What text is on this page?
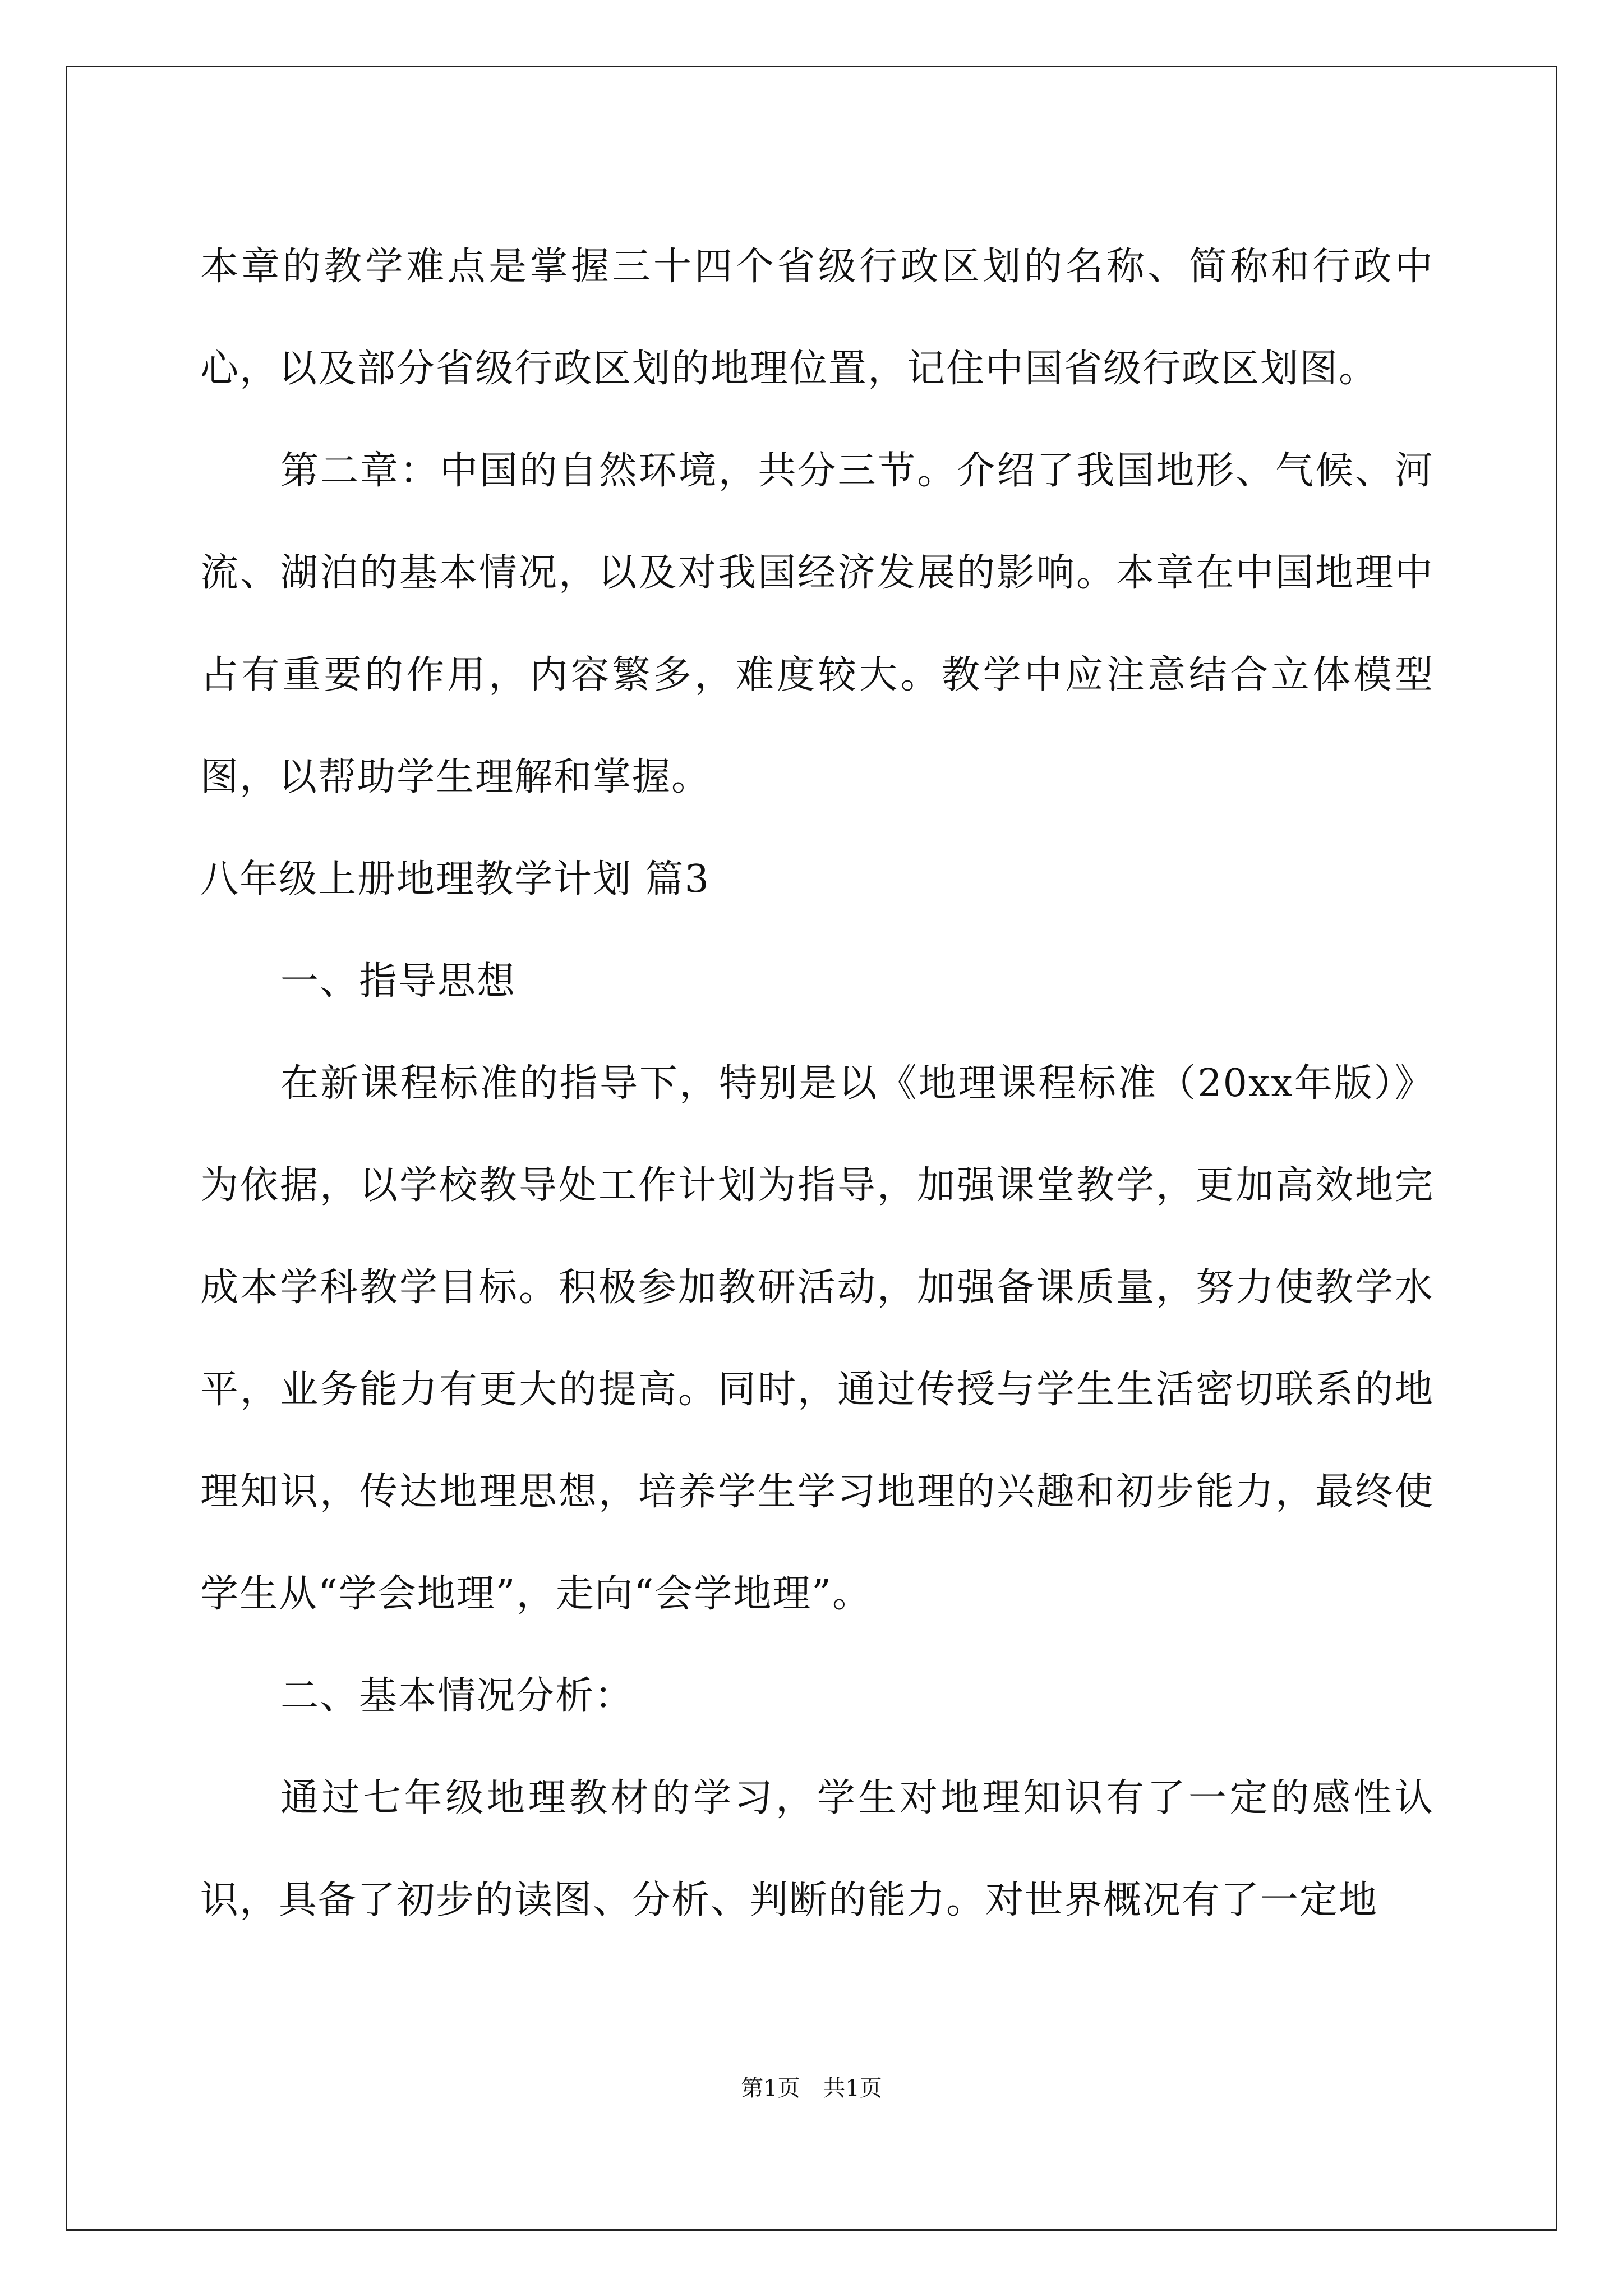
本章的教学难点是掌握三十四个省级行政区划的名称、简称和行政中心，以及部分省级行政区划的地理位置，记住中国省级行政区划图。

第二章：中国的自然环境，共分三节。介绍了我国地形、气候、河流、湖泊的基本情况，以及对我国经济发展的影响。本章在中国地理中占有重要的作用，内容繁多，难度较大。教学中应注意结合立体模型图，以帮助学生理解和掌握。

八年级上册地理教学计划 篇3

一、指导思想

在新课程标准的指导下，特别是以《地理课程标准（20xx年版）》为依据，以学校教导处工作计划为指导，加强课堂教学，更加高效地完成本学科教学目标。积极参加教研活动，加强备课质量，努力使教学水平，业务能力有更大的提高。同时，通过传授与学生生活密切联系的地理知识，传达地理思想，培养学生学习地理的兴趣和初步能力，最终使学生从“学会地理”，走向“会学地理”。

二、基本情况分析：

通过七年级地理教材的学习，学生对地理知识有了一定的感性认识，具备了初步的读图、分析、判断的能力。对世界概况有了一定地

第1页 共1页
